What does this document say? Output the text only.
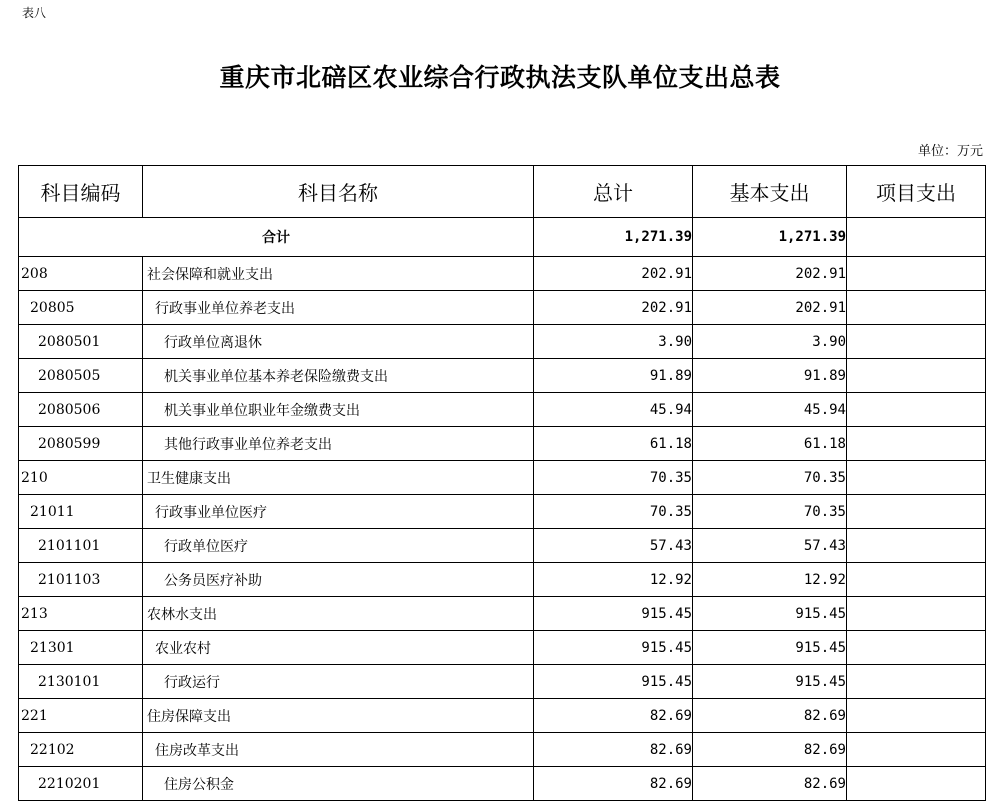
表八
重庆市北碚区农业综合行政执法支队单位支出总表
单位：万元
科目编码	科目名称	总计	基本支出	项目支出
合计		1,271.39	1,271.39	
208	社会保障和就业支出	202.91	202.91	
20805	行政事业单位养老支出	202.91	202.91	
2080501	行政单位离退休	3.90	3.90	
2080505	机关事业单位基本养老保险缴费支出	91.89	91.89	
2080506	机关事业单位职业年金缴费支出	45.94	45.94	
2080599	其他行政事业单位养老支出	61.18	61.18	
210	卫生健康支出	70.35	70.35	
21011	行政事业单位医疗	70.35	70.35	
2101101	行政单位医疗	57.43	57.43	
2101103	公务员医疗补助	12.92	12.92	
213	农林水支出	915.45	915.45	
21301	农业农村	915.45	915.45	
2130101	行政运行	915.45	915.45	
221	住房保障支出	82.69	82.69	
22102	住房改革支出	82.69	82.69	
2210201	住房公积金	82.69	82.69	
